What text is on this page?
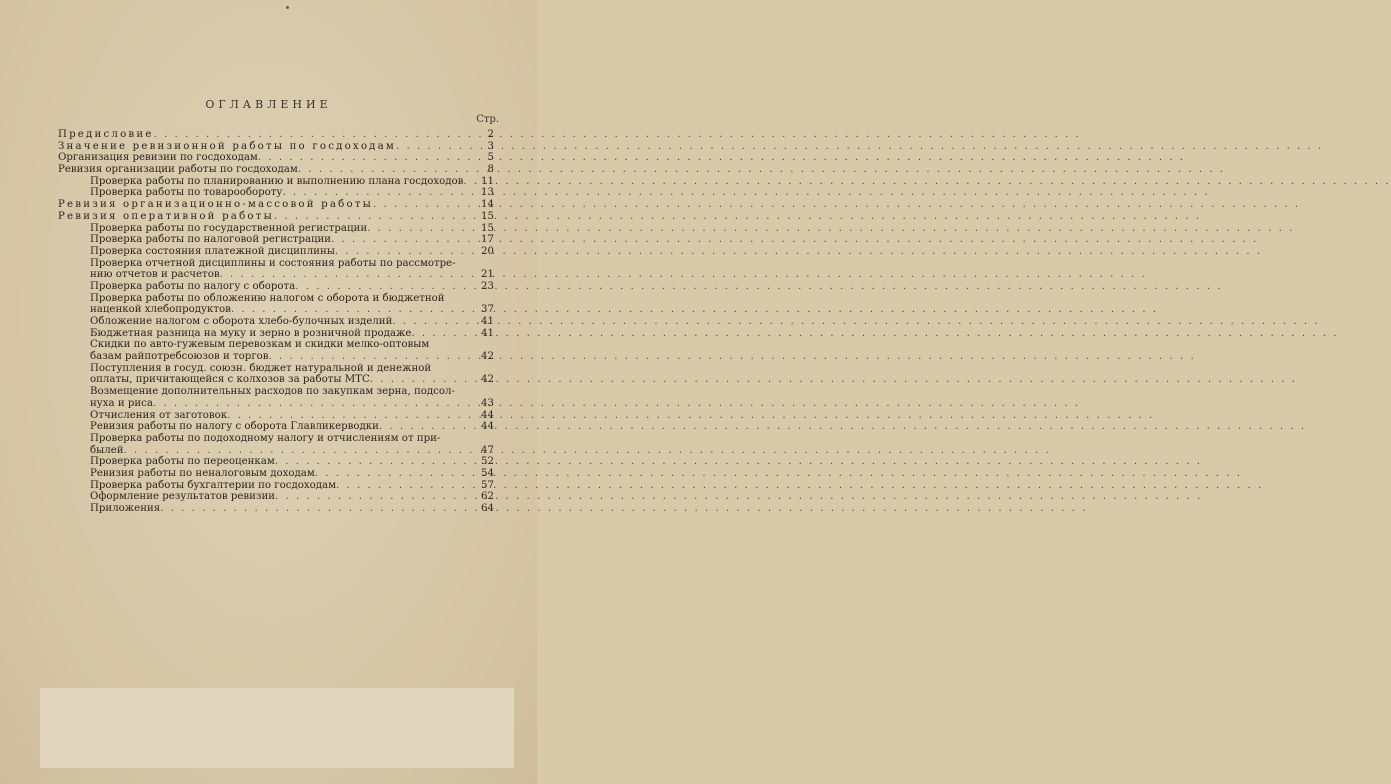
ОГЛАВЛЕНИЕ
Стр.
Предисловие . . .	2
Значение ревизионной работы по госдоходам . . .	3
Организация ревизии по госдоходам . . .	5
Ревизия организации работы по госдоходам . . .	8
Проверка работы по планированию и выполнению плана госдоходов . . .	11
Проверка работы по товарообороту . . .	13
Ревизия организационно-массовой работы . . .	14
Ревизия оперативной работы . . .	15
Проверка работы по государственной регистрации . . .	15
Проверка работы по налоговой регистрации . . .	17
Проверка состояния платежной дисциплины . . .	20
Проверка отчетной дисциплины и состояния работы по рассмотре-
нию отчетов и расчетов . . .	21
Проверка работы по налогу с оборота . . .	23
Проверка работы по обложению налогом с оборота и бюджетной
наценкой хлебопродуктов . . .	37
Обложение налогом с оборота хлебо-булочных изделий . . .	41
Бюджетная разница на муку и зерно в розничной продаже . . .	41
Скидки по авто-гужевым перевозкам и скидки мелко-оптовым
базам райпотребсоюзов и торгов . . .	42
Поступления в госуд. союзн. бюджет натуральной и денежной
оплаты, причитающейся с колхозов за работы МТС . . .	42
Возмещение дополнительных расходов по закупкам зерна, подсол-
нуха и риса . . .	43
Отчисления от заготовок . . .	44
Ревизия работы по налогу с оборота Главликерводки . . .	44
Проверка работы по подоходному налогу и отчислениям от при-
былей . . .	47
Проверка работы по переоценкам . . .	52
Ревизия работы по неналоговым доходам . . .	54
Проверка работы бухгалтерии по госдоходам . . .	57
Оформление результатов ревизии . . .	62
Приложения . . .	64
